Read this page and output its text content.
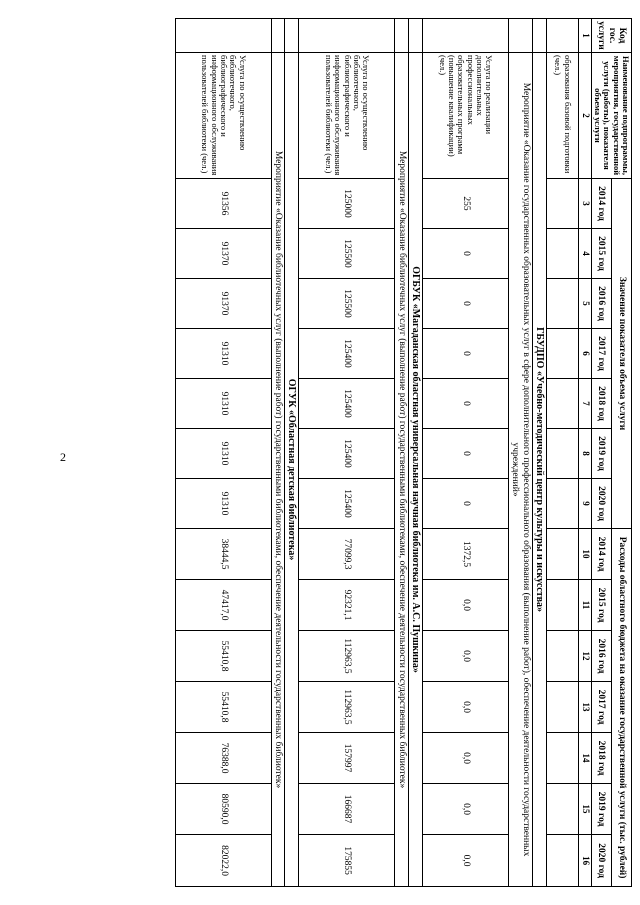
2
Код гос. услуги	Наименование подпрограммы, мероприятия, государственной услуги (работы), показателя объема услуги	Значение показателя объема услуги							Расходы областного бюджета на оказание государственной услуги (тыс. рублей)						
		2014 год	2015 год	2016 год	2017 год	2018 год	2019 год	2020 год	2014 год	2015 год	2016 год	2017 год	2018 год	2019 год	2020 год
1	2	3	4	5	6	7	8	9	10	11	12	13	14	15	16
	образования базовой подготовки (чел.)														
	ГБУДПО «Учебно-методический центр культуры и искусства»														
	Мероприятие «Оказание государственных образовательных услуг в сфере дополнительного профессионального образования (выполнение работ), обеспечение деятельности государственных учреждений»														
	Услуга по реализации дополнительных профессиональных образовательных программ (повышение квалификации) (чел.)	255	0	0	0	0	0	0	1372,5	0,0	0,0	0,0	0,0	0,0	0,0
	ОГБУК «Магаданская областная универсальная научная библиотека им. А.С. Пушкина»														
	Мероприятие «Оказание библиотечных услуг (выполнение работ) государственными библиотеками, обеспечение деятельности государственных библиотек»														
	Услуга по осуществлению библиотечного, библиографического и информационного обслуживания пользователей библиотеки (чел.)	125000	125500	125500	125400	125400	125400	125400	77099,3	92321,1	112963,5	112963,5	157997	166687	175855
	ОГУК «Областная детская библиотека»														
	Мероприятие «Оказание библиотечных услуг (выполнение работ) государственными библиотеками, обеспечение деятельности государственных библиотек»														
	Услуга по осуществлению библиотечного, библиографического и информационного обслуживания пользователей библиотеки (чел.)	91356	91370	91370	91310	91310	91310	91310	38444,5	47417,0	55410,8	55410,8	76388,0	80590,0	82022,0
